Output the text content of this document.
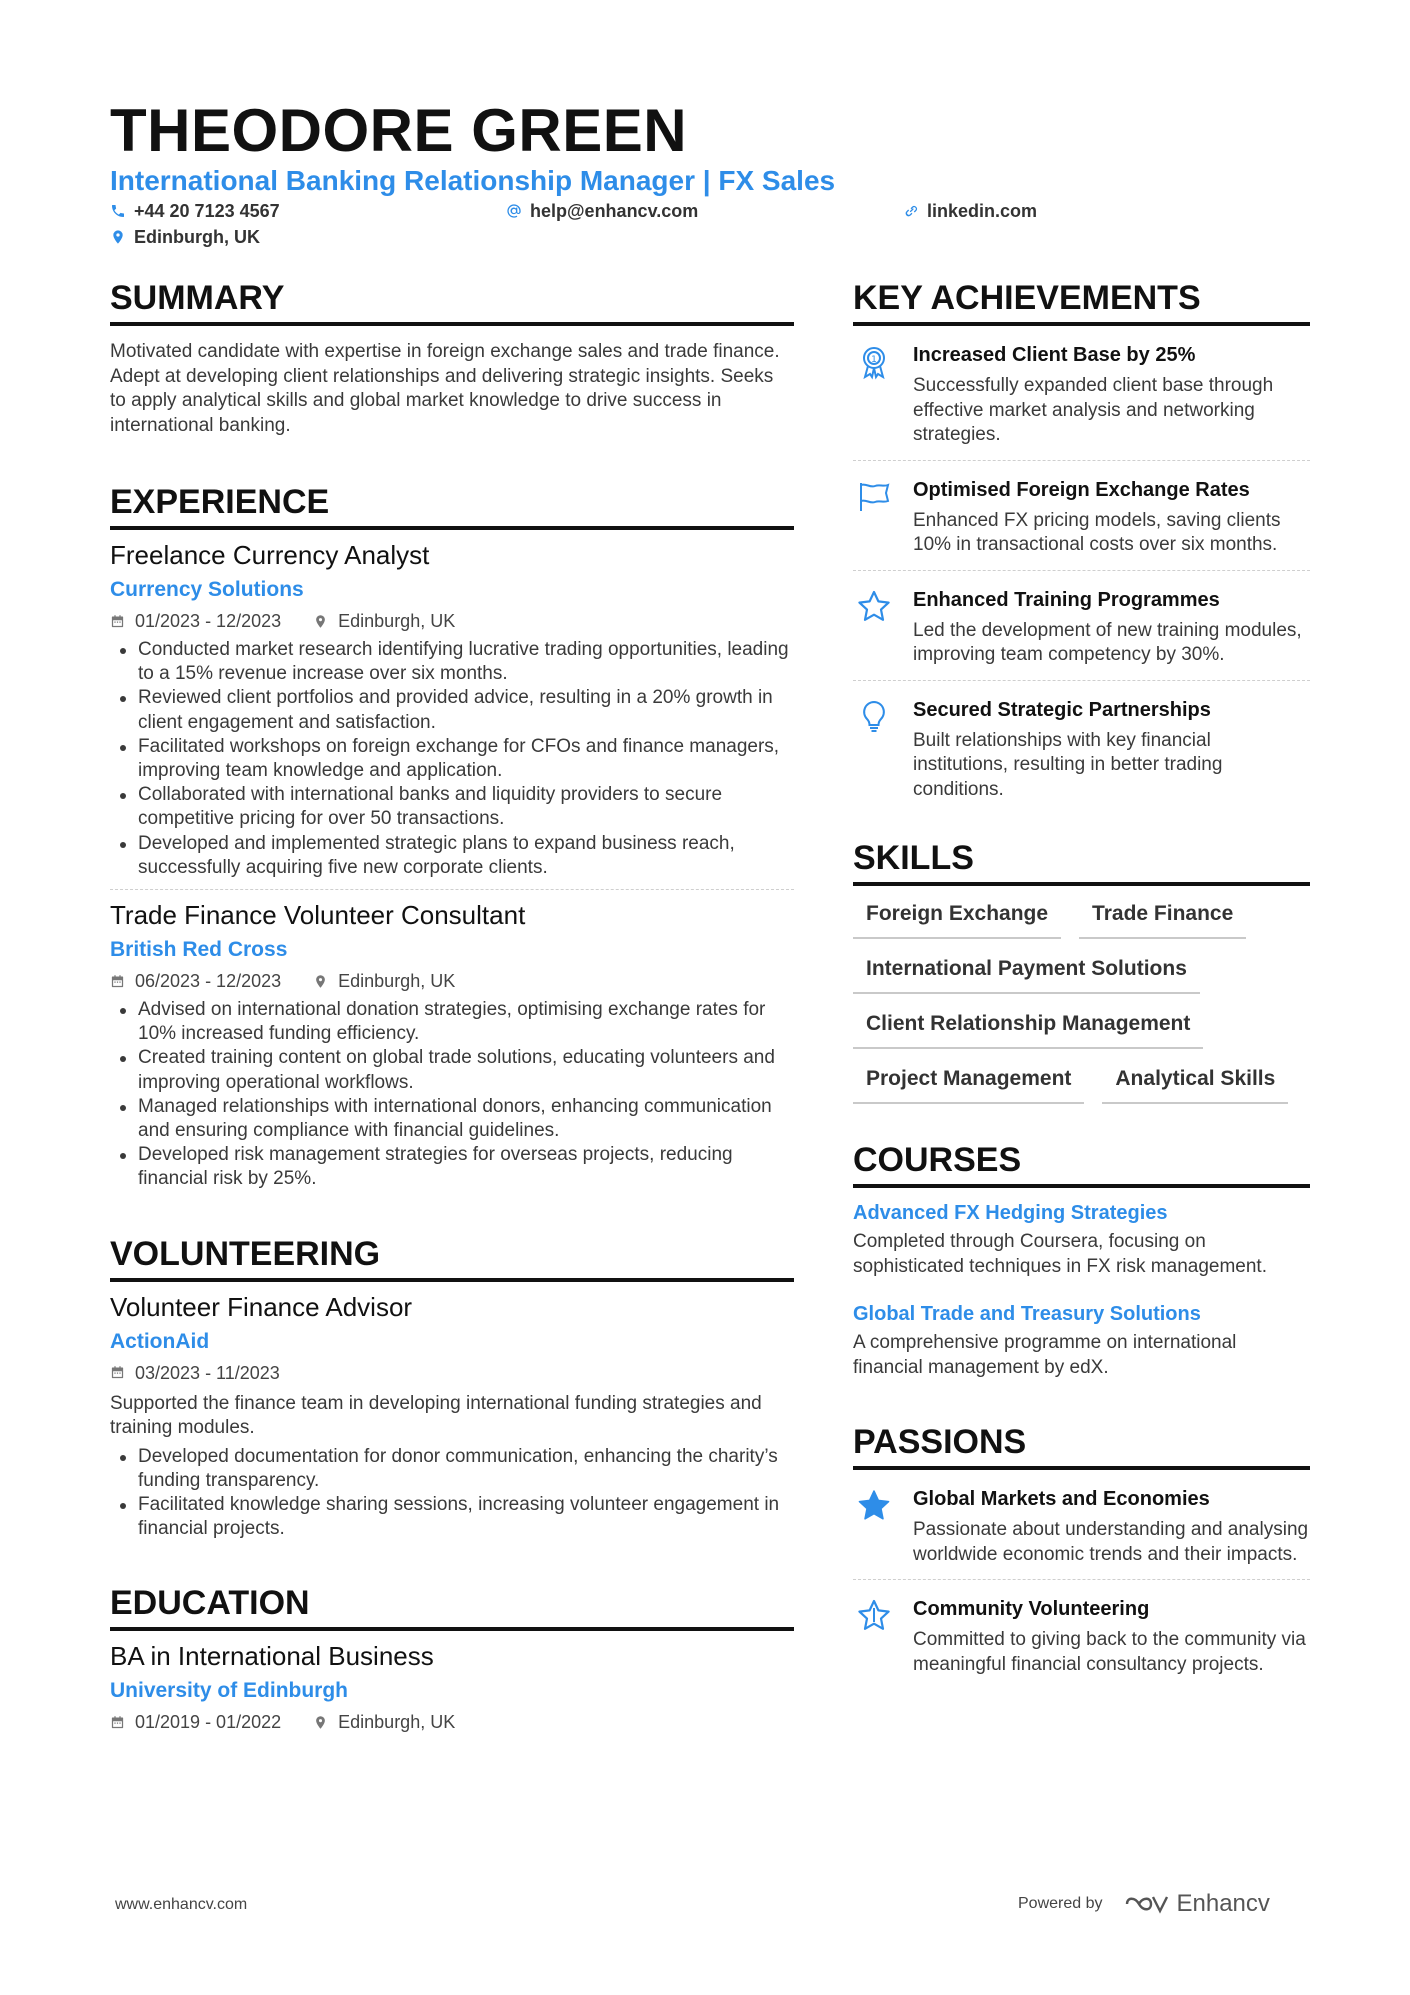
THEODORE GREEN
International Banking Relationship Manager | FX Sales
+44 20 7123 4567	help@enhancv.com	linkedin.com
Edinburgh, UK
SUMMARY
Motivated candidate with expertise in foreign exchange sales and trade finance. Adept at developing client relationships and delivering strategic insights. Seeks to apply analytical skills and global market knowledge to drive success in international banking.
EXPERIENCE
Freelance Currency Analyst
Currency Solutions
01/2023 - 12/2023	Edinburgh, UK
Conducted market research identifying lucrative trading opportunities, leading to a 15% revenue increase over six months.
Reviewed client portfolios and provided advice, resulting in a 20% growth in client engagement and satisfaction.
Facilitated workshops on foreign exchange for CFOs and finance managers, improving team knowledge and application.
Collaborated with international banks and liquidity providers to secure competitive pricing for over 50 transactions.
Developed and implemented strategic plans to expand business reach, successfully acquiring five new corporate clients.
Trade Finance Volunteer Consultant
British Red Cross
06/2023 - 12/2023	Edinburgh, UK
Advised on international donation strategies, optimising exchange rates for 10% increased funding efficiency.
Created training content on global trade solutions, educating volunteers and improving operational workflows.
Managed relationships with international donors, enhancing communication and ensuring compliance with financial guidelines.
Developed risk management strategies for overseas projects, reducing financial risk by 25%.
VOLUNTEERING
Volunteer Finance Advisor
ActionAid
03/2023 - 11/2023
Supported the finance team in developing international funding strategies and training modules.
Developed documentation for donor communication, enhancing the charity’s funding transparency.
Facilitated knowledge sharing sessions, increasing volunteer engagement in financial projects.
EDUCATION
BA in International Business
University of Edinburgh
01/2019 - 01/2022	Edinburgh, UK
KEY ACHIEVEMENTS
1 Increased Client Base by 25%
Successfully expanded client base through effective market analysis and networking strategies.
Optimised Foreign Exchange Rates
Enhanced FX pricing models, saving clients 10% in transactional costs over six months.
Enhanced Training Programmes
Led the development of new training modules, improving team competency by 30%.
Secured Strategic Partnerships
Built relationships with key financial institutions, resulting in better trading conditions.
SKILLS
Foreign Exchange	Trade Finance
International Payment Solutions
Client Relationship Management
Project Management	Analytical Skills
COURSES
Advanced FX Hedging Strategies
Completed through Coursera, focusing on sophisticated techniques in FX risk management.
Global Trade and Treasury Solutions
A comprehensive programme on international financial management by edX.
PASSIONS
Global Markets and Economies
Passionate about understanding and analysing worldwide economic trends and their impacts.
Community Volunteering
Committed to giving back to the community via meaningful financial consultancy projects.
www.enhancv.com	Powered by	Enhancv
